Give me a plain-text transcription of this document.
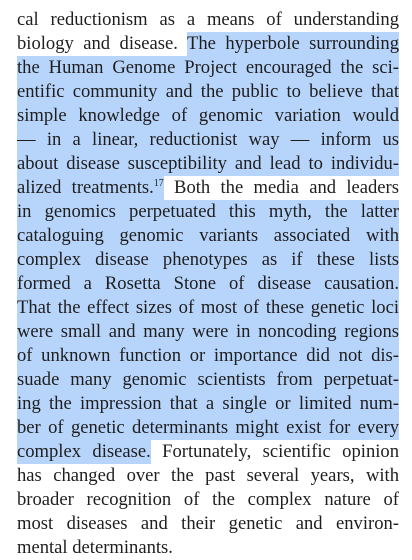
cal reductionism as a means of understanding
biology and disease. The hyperbole surrounding
the Human Genome Project encouraged the sci-
entific community and the public to believe that
simple knowledge of genomic variation would
— in a linear, reductionist way — inform us
about disease susceptibility and lead to individu-
alized treatments.$^{17}$ Both the media and leaders
in genomics perpetuated this myth, the latter
cataloguing genomic variants associated with
complex disease phenotypes as if these lists
formed a Rosetta Stone of disease causation.
That the effect sizes of most of these genetic loci
were small and many were in noncoding regions
of unknown function or importance did not dis-
suade many genomic scientists from perpetuat-
ing the impression that a single or limited num-
ber of genetic determinants might exist for every
complex disease. Fortunately, scientific opinion
has changed over the past several years, with
broader recognition of the complex nature of
most diseases and their genetic and environ-
mental determinants.
